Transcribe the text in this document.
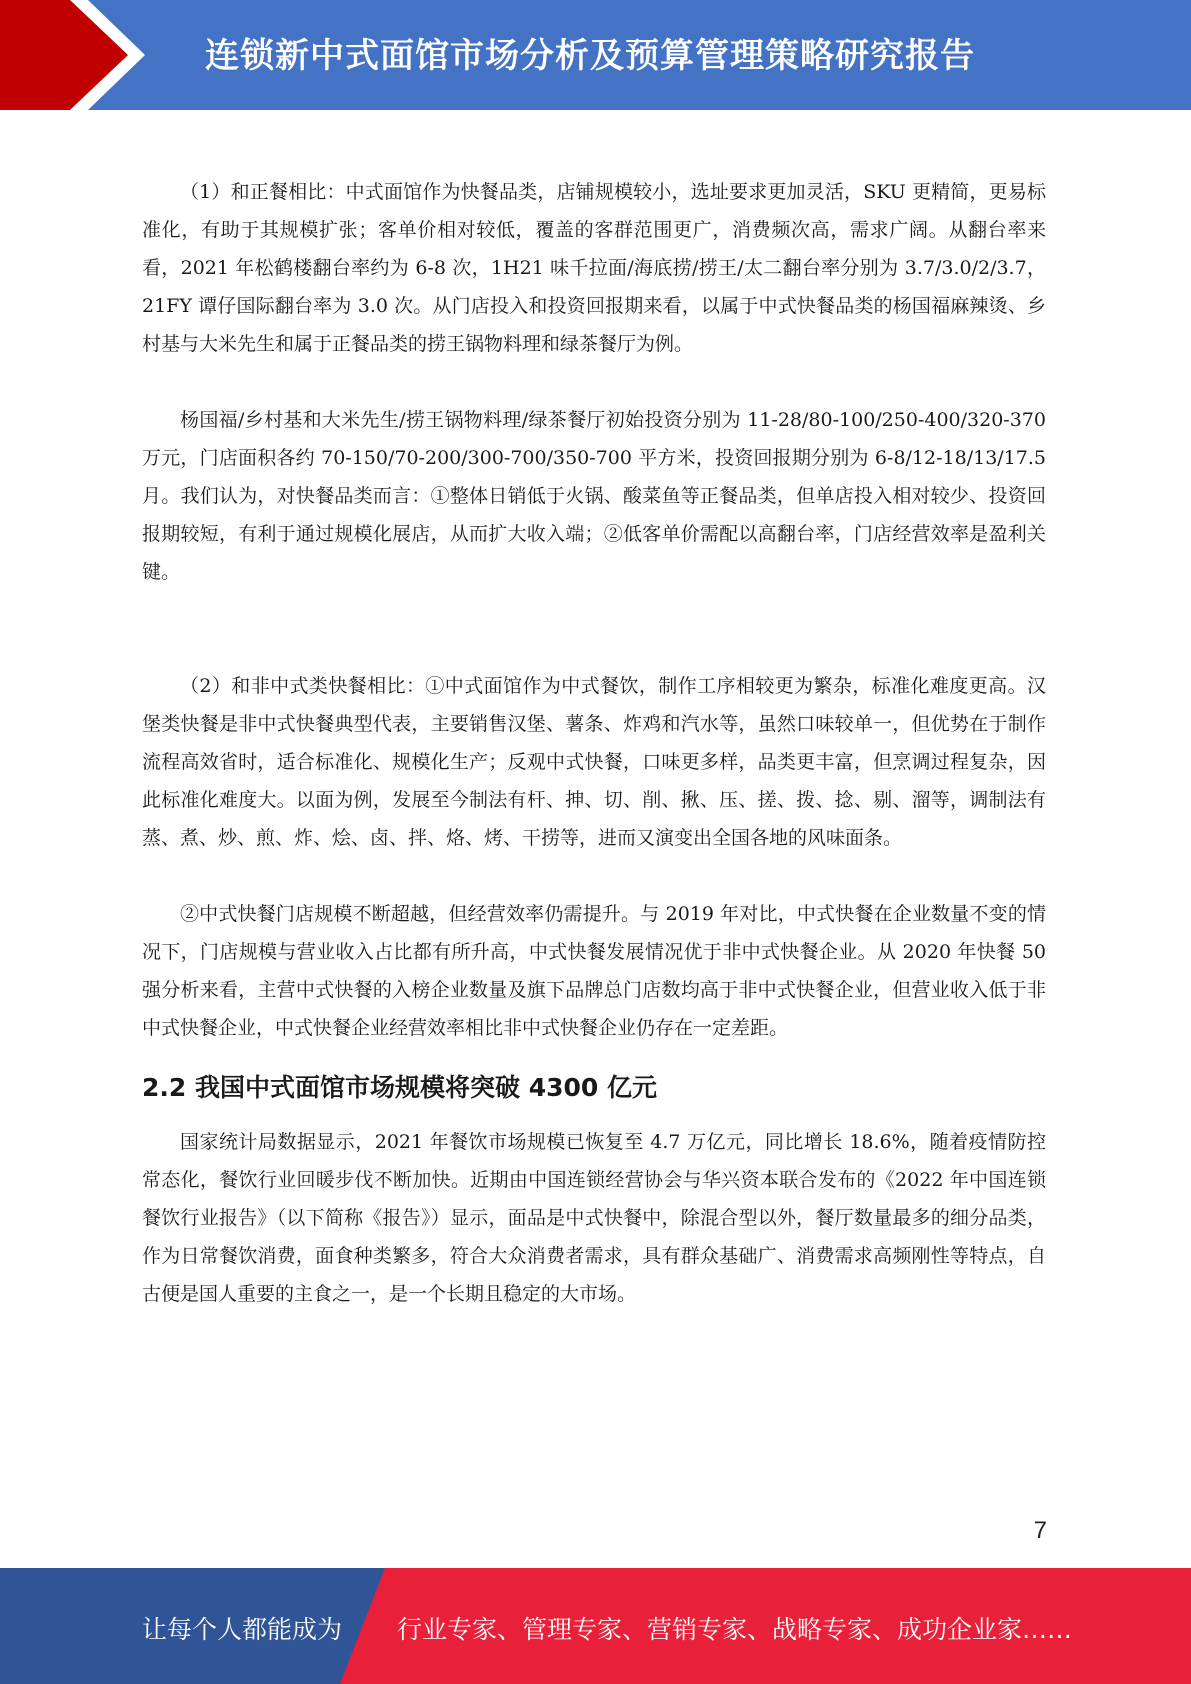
连锁新中式面馆市场分析及预算管理策略研究报告

（1）和正餐相比：中式面馆作为快餐品类，店铺规模较小，选址要求更加灵活，SKU 更精简，更易标准化，有助于其规模扩张；客单价相对较低，覆盖的客群范围更广，消费频次高，需求广阔。从翻台率来看，2021 年松鹤楼翻台率约为 6-8 次，1H21 味千拉面/海底捞/捞王/太二翻台率分别为 3.7/3.0/2/3.7，21FY 谭仔国际翻台率为 3.0 次。从门店投入和投资回报期来看，以属于中式快餐品类的杨国福麻辣烫、乡村基与大米先生和属于正餐品类的捞王锅物料理和绿茶餐厅为例。

杨国福/乡村基和大米先生/捞王锅物料理/绿茶餐厅初始投资分别为 11-28/80-100/250-400/320-370 万元，门店面积各约 70-150/70-200/300-700/350-700 平方米，投资回报期分别为 6-8/12-18/13/17.5 月。我们认为，对快餐品类而言：①整体日销低于火锅、酸菜鱼等正餐品类，但单店投入相对较少、投资回报期较短，有利于通过规模化展店，从而扩大收入端；②低客单价需配以高翻台率，门店经营效率是盈利关键。

（2）和非中式类快餐相比：①中式面馆作为中式餐饮，制作工序相较更为繁杂，标准化难度更高。汉堡类快餐是非中式快餐典型代表，主要销售汉堡、薯条、炸鸡和汽水等，虽然口味较单一，但优势在于制作流程高效省时，适合标准化、规模化生产；反观中式快餐，口味更多样，品类更丰富，但烹调过程复杂，因此标准化难度大。以面为例，发展至今制法有杆、抻、切、削、揪、压、搓、拨、捻、剔、溜等，调制法有蒸、煮、炒、煎、炸、烩、卤、拌、烙、烤、干捞等，进而又演变出全国各地的风味面条。

②中式快餐门店规模不断超越，但经营效率仍需提升。与 2019 年对比，中式快餐在企业数量不变的情况下，门店规模与营业收入占比都有所升高，中式快餐发展情况优于非中式快餐企业。从 2020 年快餐 50 强分析来看，主营中式快餐的入榜企业数量及旗下品牌总门店数均高于非中式快餐企业，但营业收入低于非中式快餐企业，中式快餐企业经营效率相比非中式快餐企业仍存在一定差距。

2.2 我国中式面馆市场规模将突破 4300 亿元

国家统计局数据显示，2021 年餐饮市场规模已恢复至 4.7 万亿元，同比增长 18.6%，随着疫情防控常态化，餐饮行业回暖步伐不断加快。近期由中国连锁经营协会与华兴资本联合发布的《2022 年中国连锁餐饮行业报告》（以下简称《报告》）显示，面品是中式快餐中，除混合型以外，餐厅数量最多的细分品类，作为日常餐饮消费，面食种类繁多，符合大众消费者需求，具有群众基础广、消费需求高频刚性等特点，自古便是国人重要的主食之一，是一个长期且稳定的大市场。

7
让每个人都能成为 行业专家、管理专家、营销专家、战略专家、成功企业家……
